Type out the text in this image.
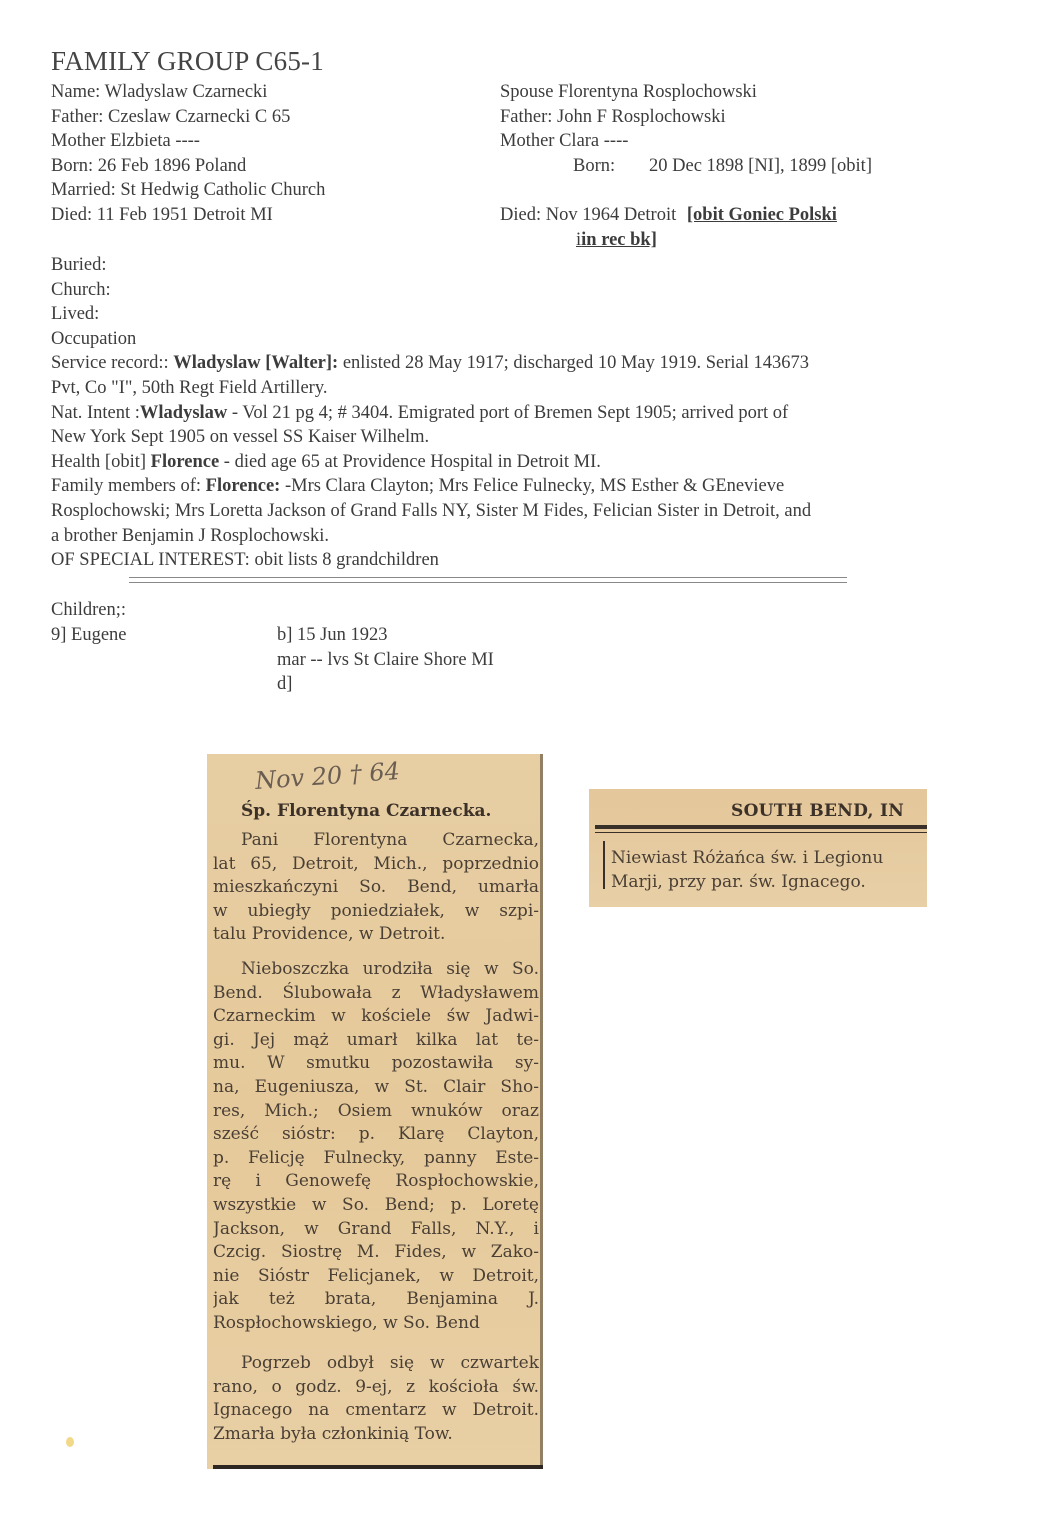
FAMILY GROUP C65-1
Name: Wladyslaw Czarnecki
Father: Czeslaw Czarnecki C 65
Mother Elzbieta ----
Born: 26 Feb 1896 Poland
Married: St Hedwig Catholic Church
Died: 11 Feb 1951 Detroit MI
Spouse Florentyna Rosplochowski
Father: John F Rosplochowski
Mother Clara ----
Born: 20 Dec 1898 [NI], 1899 [obit]
Died: Nov 1964 Detroit [obit Goniec Polski
iin rec bk]
Buried:
Church:
Lived:
Occupation
Service record:: Wladyslaw [Walter]: enlisted 28 May 1917; discharged 10 May 1919. Serial 143673
Pvt, Co "I", 50th Regt Field Artillery.
Nat. Intent :Wladyslaw - Vol 21 pg 4; # 3404. Emigrated port of Bremen Sept 1905; arrived port of
New York Sept 1905 on vessel SS Kaiser Wilhelm.
Health [obit] Florence - died age 65 at Providence Hospital in Detroit MI.
Family members of: Florence: -Mrs Clara Clayton; Mrs Felice Fulnecky, MS Esther & GEnevieve
Rosplochowski; Mrs Loretta Jackson of Grand Falls NY, Sister M Fides, Felician Sister in Detroit, and
a brother Benjamin J Rosplochowski.
OF SPECIAL INTEREST: obit lists 8 grandchildren
Children;:
9] Eugene	b] 15 Jun 1923
mar -- lvs St Claire Shore MI
d]
Nov 20 † 64
Śp. Florentyna Czarnecka.
Pani Florentyna Czarnecka,
lat 65, Detroit, Mich., poprzednio
mieszkańczyni So. Bend, umarła
w ubiegły poniedziałek, w szpi-
talu Providence, w Detroit.
Nieboszczka urodziła się w So.
Bend. Ślubowała z Władysławem
Czarneckim w kościele św Jadwi-
gi. Jej mąż umarł kilka lat te-
mu. W smutku pozostawiła sy-
na, Eugeniusza, w St. Clair Sho-
res, Mich.; Osiem wnuków oraz
sześć sióstr: p. Klarę Clayton,
p. Felicję Fulnecky, panny Este-
rę i Genowefę Rospłochowskie,
wszystkie w So. Bend; p. Loretę
Jackson, w Grand Falls, N.Y., i
Czcig. Siostrę M. Fides, w Zako-
nie Sióstr Felicjanek, w Detroit,
jak też brata, Benjamina J.
Rospłochowskiego, w So. Bend
Pogrzeb odbył się w czwartek
rano, o godz. 9-ej, z kościoła św.
Ignacego na cmentarz w Detroit.
Zmarła była członkinią Tow.
SOUTH BEND, IN
Niewiast Różańca św. i Legionu
Marji, przy par. św. Ignacego.
